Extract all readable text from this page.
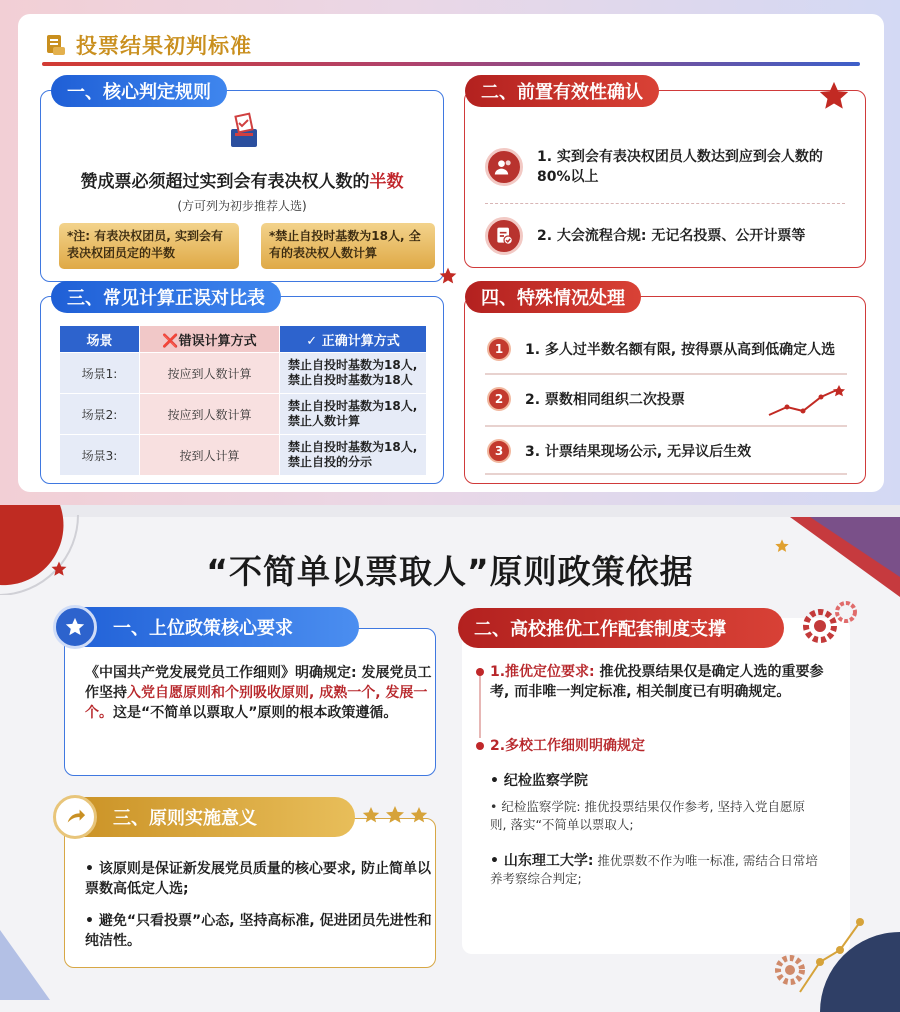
投票结果初判标准
一、核心判定规则
赞成票必须超过实到会有表决权人数的半数
(方可列为初步推荐人选)
*注: 有表决权团员, 实到会有表决权团员定的半数
*禁止自投时基数为18人, 全有的表决权人数计算
二、前置有效性确认
1. 实到会有表决权团员人数达到应到会人数的80%以上
2. 大会流程合规: 无记名投票、公开计票等
三、常见计算正误对比表
场景	❌错误计算方式	✓ 正确计算方式
场景1:	按应到人数计算	禁止自投时基数为18人, 禁止自投时基数为18人
场景2:	按应到人数计算	禁止自投时基数为18人, 禁止人数计算
场景3:	按到人计算	禁止自投时基数为18人, 禁止自投的分示
四、特殊情况处理
1	1. 多人过半数名额有限, 按得票从高到低确定人选
2	2. 票数相同组织二次投票
3	3. 计票结果现场公示, 无异议后生效
“不简单以票取人”原则政策依据
一、上位政策核心要求
《中国共产党发展党员工作细则》明确规定: 发展党员工作坚持入党自愿原则和个别吸收原则, 成熟一个, 发展一个。这是“不简单以票取人”原则的根本政策遵循。
二、高校推优工作配套制度支撑
1.推优定位要求: 推优投票结果仅是确定人选的重要参考, 而非唯一判定标准, 相关制度已有明确规定。
2.多校工作细则明确规定
• 纪检监察学院
• 纪检监察学院: 推优投票结果仅作参考, 坚持入党自愿原则, 落实“不简单以票取人;
• 山东理工大学: 推优票数不作为唯一标准, 需结合日常培养考察综合判定;
三、原则实施意义
• 该原则是保证新发展党员质量的核心要求, 防止简单以票数高低定人选;
• 避免“只看投票”心态, 坚持高标准, 促进团员先进性和纯洁性。
